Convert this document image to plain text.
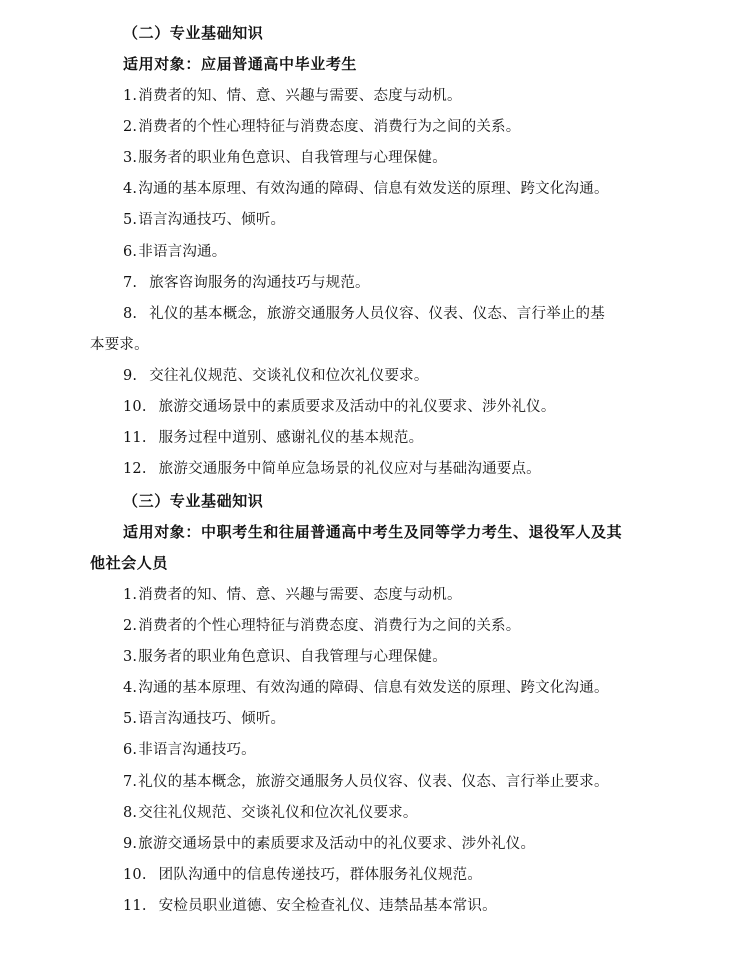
（二）专业基础知识
适用对象：应届普通高中毕业考生
1.消费者的知、情、意、兴趣与需要、态度与动机。
2.消费者的个性心理特征与消费态度、消费行为之间的关系。
3.服务者的职业角色意识、自我管理与心理保健。
4.沟通的基本原理、有效沟通的障碍、信息有效发送的原理、跨文化沟通。
5.语言沟通技巧、倾听。
6.非语言沟通。
7. 旅客咨询服务的沟通技巧与规范。
8. 礼仪的基本概念，旅游交通服务人员仪容、仪表、仪态、言行举止的基
本要求。
9. 交往礼仪规范、交谈礼仪和位次礼仪要求。
10. 旅游交通场景中的素质要求及活动中的礼仪要求、涉外礼仪。
11. 服务过程中道别、感谢礼仪的基本规范。
12. 旅游交通服务中简单应急场景的礼仪应对与基础沟通要点。
（三）专业基础知识
适用对象：中职考生和往届普通高中考生及同等学力考生、退役军人及其
他社会人员
1.消费者的知、情、意、兴趣与需要、态度与动机。
2.消费者的个性心理特征与消费态度、消费行为之间的关系。
3.服务者的职业角色意识、自我管理与心理保健。
4.沟通的基本原理、有效沟通的障碍、信息有效发送的原理、跨文化沟通。
5.语言沟通技巧、倾听。
6.非语言沟通技巧。
7.礼仪的基本概念，旅游交通服务人员仪容、仪表、仪态、言行举止要求。
8.交往礼仪规范、交谈礼仪和位次礼仪要求。
9.旅游交通场景中的素质要求及活动中的礼仪要求、涉外礼仪。
10. 团队沟通中的信息传递技巧，群体服务礼仪规范。
11. 安检员职业道德、安全检查礼仪、违禁品基本常识。
